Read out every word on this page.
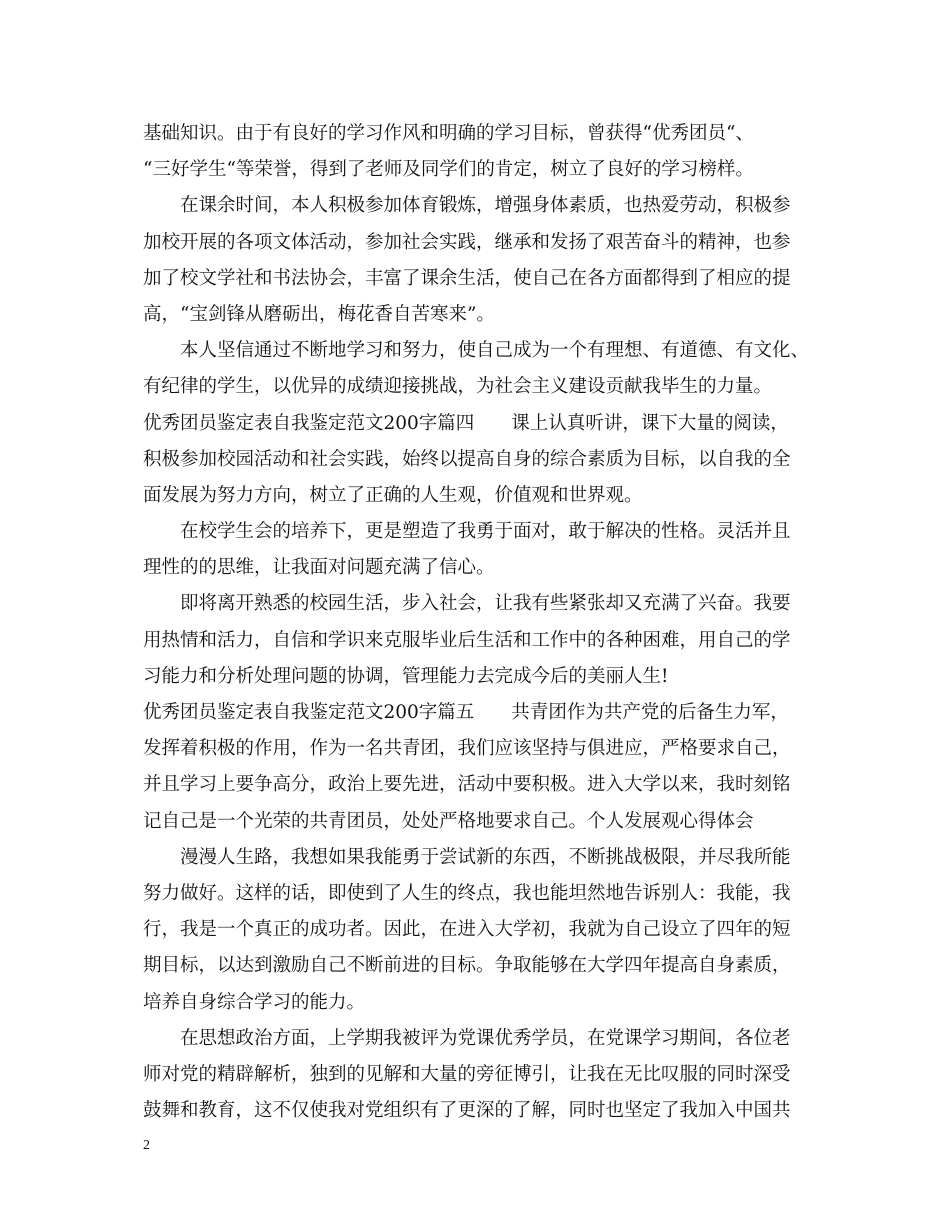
基础知识。由于有良好的学习作风和明确的学习目标，曾获得“优秀团员“、
“三好学生“等荣誉，得到了老师及同学们的肯定，树立了良好的学习榜样。
在课余时间，本人积极参加体育锻炼，增强身体素质，也热爱劳动，积极参
加校开展的各项文体活动，参加社会实践，继承和发扬了艰苦奋斗的精神，也参
加了校文学社和书法协会，丰富了课余生活，使自己在各方面都得到了相应的提
高，“宝剑锋从磨砺出，梅花香自苦寒来”。
本人坚信通过不断地学习和努力，使自己成为一个有理想、有道德、有文化、
有纪律的学生，以优异的成绩迎接挑战，为社会主义建设贡献我毕生的力量。
优秀团员鉴定表自我鉴定范文200字篇四　　课上认真听讲，课下大量的阅读，
积极参加校园活动和社会实践，始终以提高自身的综合素质为目标，以自我的全
面发展为努力方向，树立了正确的人生观，价值观和世界观。
在校学生会的培养下，更是塑造了我勇于面对，敢于解决的性格。灵活并且
理性的的思维，让我面对问题充满了信心。
即将离开熟悉的校园生活，步入社会，让我有些紧张却又充满了兴奋。我要
用热情和活力，自信和学识来克服毕业后生活和工作中的各种困难，用自己的学
习能力和分析处理问题的协调，管理能力去完成今后的美丽人生!
优秀团员鉴定表自我鉴定范文200字篇五　　共青团作为共产党的后备生力军，
发挥着积极的作用，作为一名共青团，我们应该坚持与俱进应，严格要求自己，
并且学习上要争高分，政治上要先进，活动中要积极。进入大学以来，我时刻铭
记自己是一个光荣的共青团员，处处严格地要求自己。个人发展观心得体会
漫漫人生路，我想如果我能勇于尝试新的东西，不断挑战极限，并尽我所能
努力做好。这样的话，即使到了人生的终点，我也能坦然地告诉别人：我能，我
行，我是一个真正的成功者。因此，在进入大学初，我就为自己设立了四年的短
期目标，以达到激励自己不断前进的目标。争取能够在大学四年提高自身素质，
培养自身综合学习的能力。
在思想政治方面，上学期我被评为党课优秀学员，在党课学习期间，各位老
师对党的精辟解析，独到的见解和大量的旁征博引，让我在无比叹服的同时深受
鼓舞和教育，这不仅使我对党组织有了更深的了解，同时也坚定了我加入中国共
2
